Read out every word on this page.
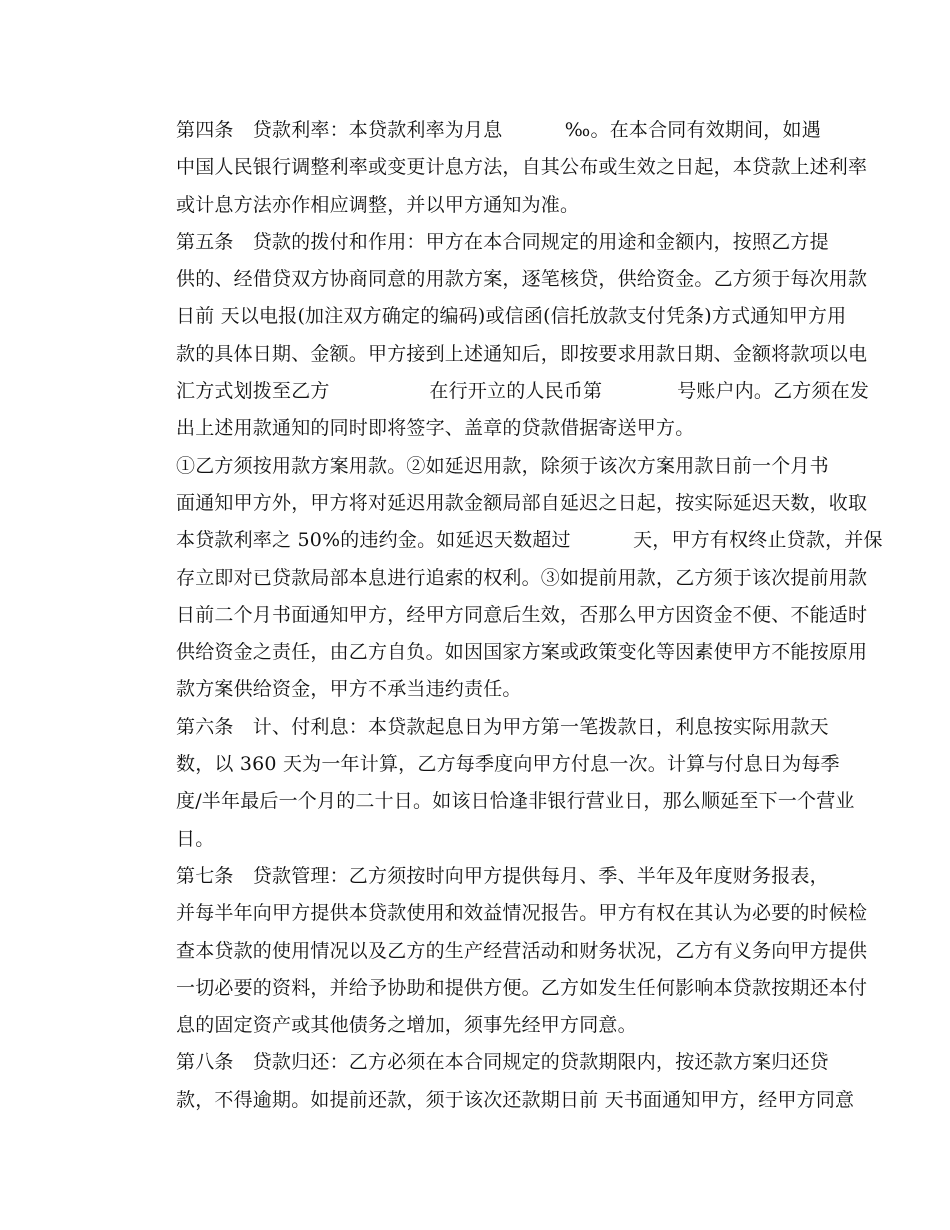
第四条　贷款利率：本贷款利率为月息          ‰。在本合同有效期间，如遇
中国人民银行调整利率或变更计息方法，自其公布或生效之日起，本贷款上述利率
或计息方法亦作相应调整，并以甲方通知为准。
第五条　贷款的拨付和作用：甲方在本合同规定的用途和金额内，按照乙方提
供的、经借贷双方协商同意的用款方案，逐笔核贷，供给资金。乙方须于每次用款
日前 天以电报(加注双方确定的编码)或信函(信托放款支付凭条)方式通知甲方用
款的具体日期、金额。甲方接到上述通知后，即按要求用款日期、金额将款项以电
汇方式划拨至乙方                在行开立的人民币第            号账户内。乙方须在发
出上述用款通知的同时即将签字、盖章的贷款借据寄送甲方。
①乙方须按用款方案用款。②如延迟用款，除须于该次方案用款日前一个月书
面通知甲方外，甲方将对延迟用款金额局部自延迟之日起，按实际延迟天数，收取
本贷款利率之 50%的违约金。如延迟天数超过          天，甲方有权终止贷款，并保
存立即对已贷款局部本息进行追索的权利。③如提前用款，乙方须于该次提前用款
日前二个月书面通知甲方，经甲方同意后生效，否那么甲方因资金不便、不能适时
供给资金之责任，由乙方自负。如因国家方案或政策变化等因素使甲方不能按原用
款方案供给资金，甲方不承当违约责任。
第六条　计、付利息：本贷款起息日为甲方第一笔拨款日，利息按实际用款天
数，以 360 天为一年计算，乙方每季度向甲方付息一次。计算与付息日为每季
度/半年最后一个月的二十日。如该日恰逢非银行营业日，那么顺延至下一个营业
日。
第七条　贷款管理：乙方须按时向甲方提供每月、季、半年及年度财务报表，
并每半年向甲方提供本贷款使用和效益情况报告。甲方有权在其认为必要的时候检
查本贷款的使用情况以及乙方的生产经营活动和财务状况，乙方有义务向甲方提供
一切必要的资料，并给予协助和提供方便。乙方如发生任何影响本贷款按期还本付
息的固定资产或其他债务之增加，须事先经甲方同意。
第八条　贷款归还：乙方必须在本合同规定的贷款期限内，按还款方案归还贷
款，不得逾期。如提前还款，须于该次还款期日前 天书面通知甲方，经甲方同意
